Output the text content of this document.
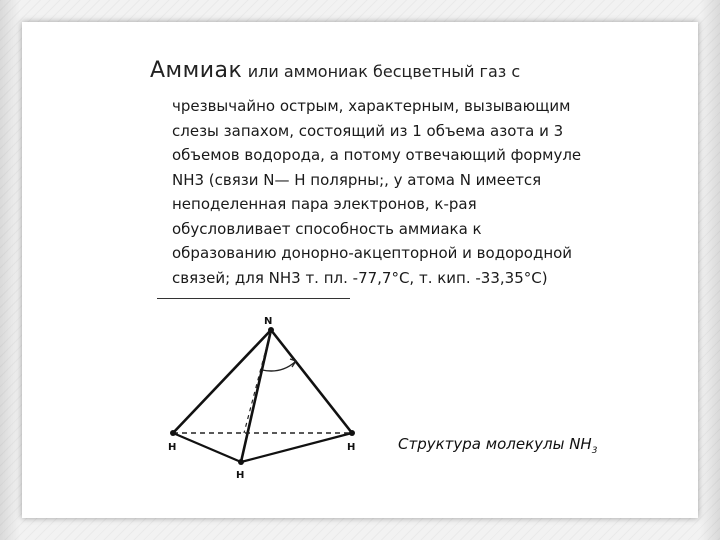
Аммиак или аммониак бесцветный газ с
чрезвычайно острым, характерным, вызывающим
слезы запахом, состоящий из 1 объема азота и 3
объемов водорода, а потому отвечающий формуле
NH3 (связи N— H полярны;, у атома N имеется
неподеленная пара электронов, к-рая
обусловливает способность аммиака к
образованию донорно-акцепторной и водородной
связей; для NH3 т. пл. -77,7°С, т. кип. -33,35°С)
N
H
H
H	Структура молекулы $NH_3$
